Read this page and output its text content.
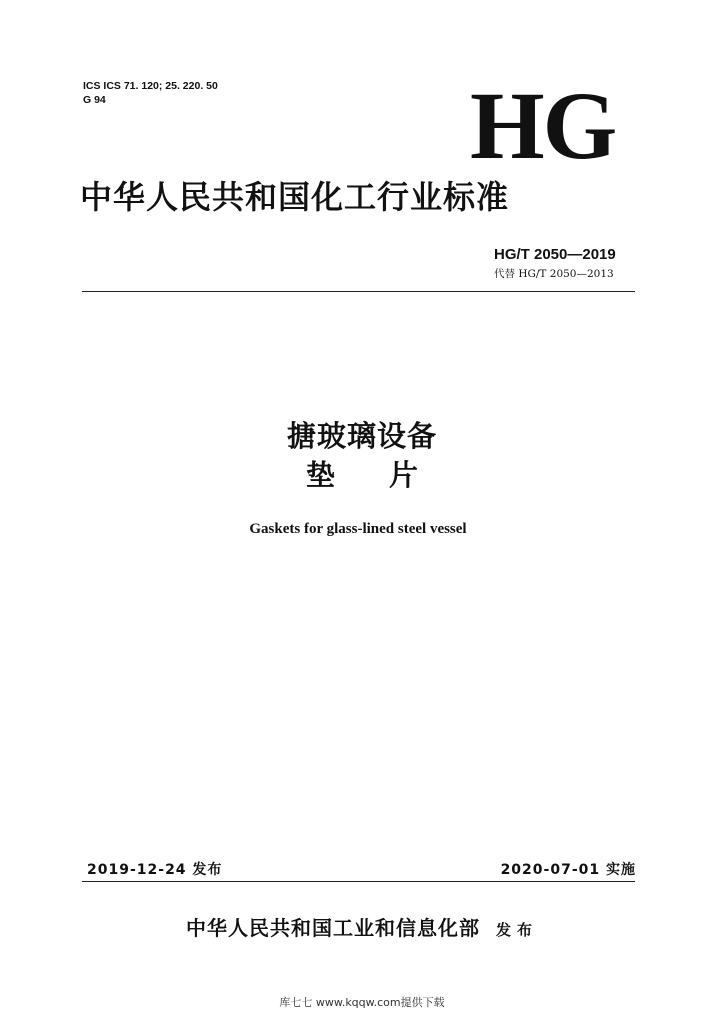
ICS ICS 71. 120; 25. 220. 50
G 94	HG
中华人民共和国化工行业标准
HG/T 2050—2019
代替 HG/T 2050—2013
搪玻璃设备
垫片
Gaskets for glass-lined steel vessel
2019-12-24 发布	2020-07-01 实施
中华人民共和国工业和信息化部 发布
库七七 www.kqqw.com提供下载
